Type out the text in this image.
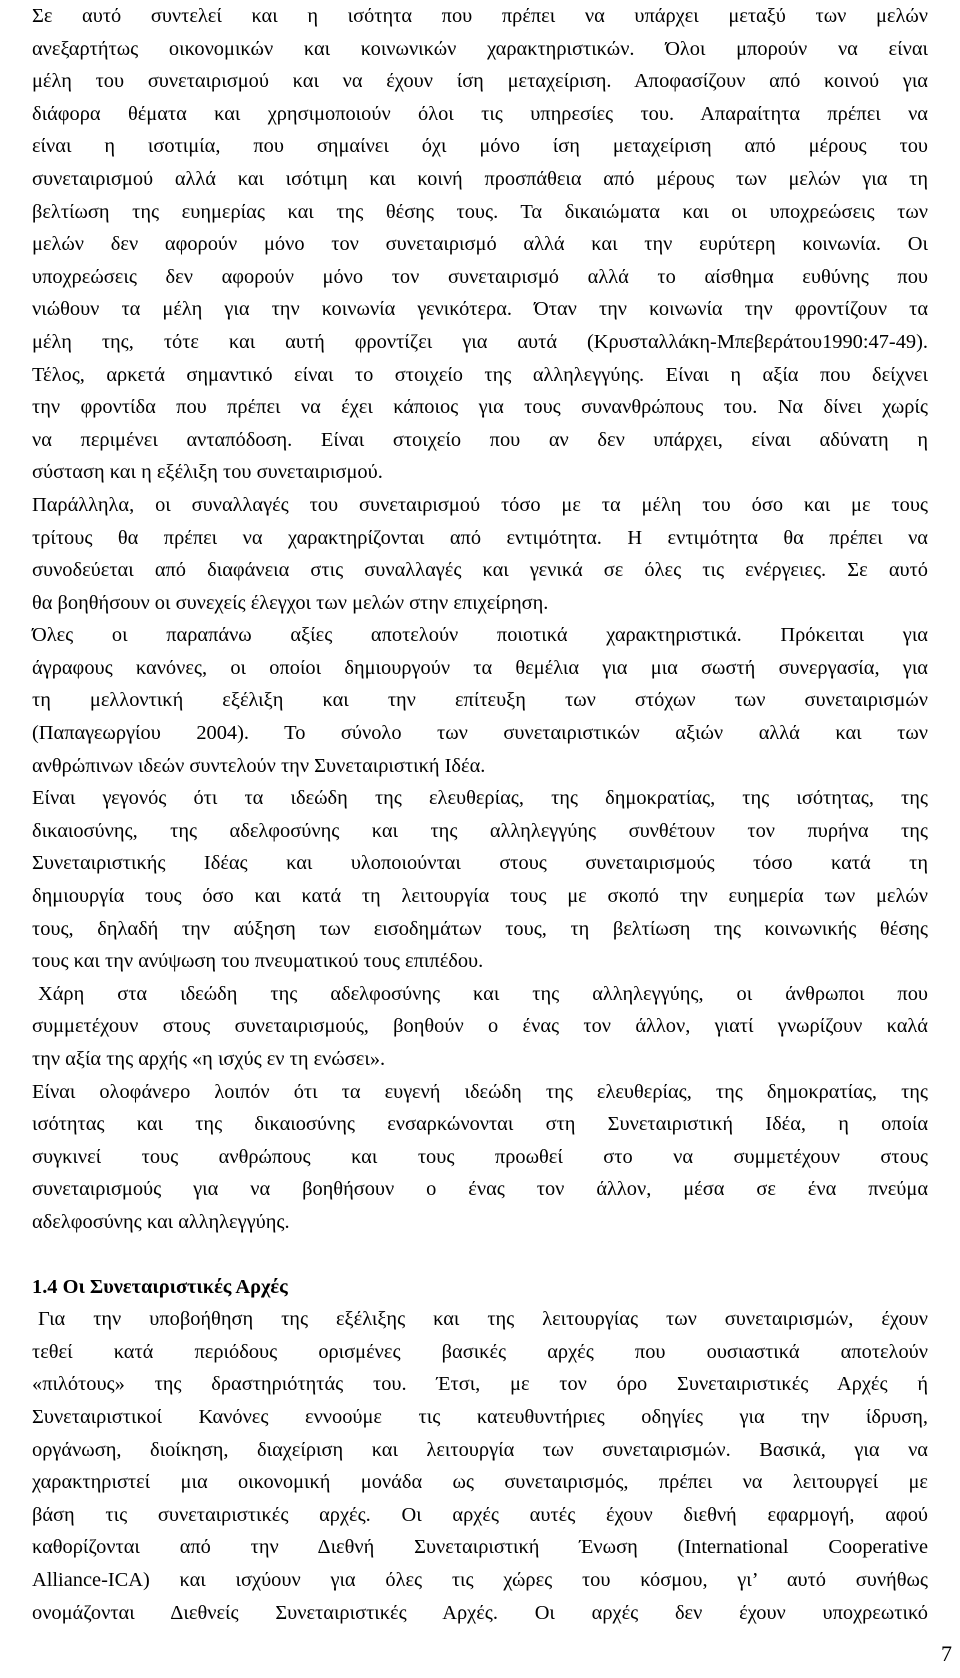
Σε αυτό συντελεί και η ισότητα που πρέπει να υπάρχει μεταξύ των μελών
ανεξαρτήτως οικονομικών και κοινωνικών χαρακτηριστικών. Όλοι μπορούν να είναι
μέλη του συνεταιρισμού και να έχουν ίση μεταχείριση. Αποφασίζουν από κοινού για
διάφορα θέματα και χρησιμοποιούν όλοι τις υπηρεσίες του. Απαραίτητα πρέπει να
είναι η ισοτιμία, που σημαίνει όχι μόνο ίση μεταχείριση από μέρους του
συνεταιρισμού αλλά και ισότιμη και κοινή προσπάθεια από μέρους των μελών για τη
βελτίωση της ευημερίας και της θέσης τους. Τα δικαιώματα και οι υποχρεώσεις των
μελών δεν αφορούν μόνο τον συνεταιρισμό αλλά και την ευρύτερη κοινωνία. Οι
υποχρεώσεις δεν αφορούν μόνο τον συνεταιρισμό αλλά το αίσθημα ευθύνης που
νιώθουν τα μέλη για την κοινωνία γενικότερα. Όταν την κοινωνία την φροντίζουν τα
μέλη της, τότε και αυτή φροντίζει για αυτά (Κρυσταλλάκη-Μπεβεράτου1990:47-49).
Τέλος, αρκετά σημαντικό είναι το στοιχείο της αλληλεγγύης. Είναι η αξία που δείχνει
την φροντίδα που πρέπει να έχει κάποιος για τους συνανθρώπους του. Να δίνει χωρίς
να περιμένει ανταπόδοση. Είναι στοιχείο που αν δεν υπάρχει, είναι αδύνατη η
σύσταση και η εξέλιξη του συνεταιρισμού.
Παράλληλα, οι συναλλαγές του συνεταιρισμού τόσο με τα μέλη του όσο και με τους
τρίτους θα πρέπει να χαρακτηρίζονται από εντιμότητα. Η εντιμότητα θα πρέπει να
συνοδεύεται από διαφάνεια στις συναλλαγές και γενικά σε όλες τις ενέργειες. Σε αυτό
θα βοηθήσουν οι συνεχείς έλεγχοι των μελών στην επιχείρηση.
Όλες οι παραπάνω αξίες αποτελούν ποιοτικά χαρακτηριστικά. Πρόκειται για
άγραφους κανόνες, οι οποίοι δημιουργούν τα θεμέλια για μια σωστή συνεργασία, για
τη μελλοντική εξέλιξη και την επίτευξη των στόχων των συνεταιρισμών
(Παπαγεωργίου 2004). Το σύνολο των συνεταιριστικών αξιών αλλά και των
ανθρώπινων ιδεών συντελούν την Συνεταιριστική Ιδέα.
Είναι γεγονός ότι τα ιδεώδη της ελευθερίας, της δημοκρατίας, της ισότητας, της
δικαιοσύνης, της αδελφοσύνης και της αλληλεγγύης συνθέτουν τον πυρήνα της
Συνεταιριστικής Ιδέας και υλοποιούνται στους συνεταιρισμούς τόσο κατά τη
δημιουργία τους όσο και κατά τη λειτουργία τους με σκοπό την ευημερία των μελών
τους, δηλαδή την αύξηση των εισοδημάτων τους, τη βελτίωση της κοινωνικής θέσης
τους και την ανύψωση του πνευματικού τους επιπέδου.
Χάρη στα ιδεώδη της αδελφοσύνης και της αλληλεγγύης, οι άνθρωποι που
συμμετέχουν στους συνεταιρισμούς, βοηθούν ο ένας τον άλλον, γιατί γνωρίζουν καλά
την αξία της αρχής «η ισχύς εν τη ενώσει».
Είναι ολοφάνερο λοιπόν ότι τα ευγενή ιδεώδη της ελευθερίας, της δημοκρατίας, της
ισότητας και της δικαιοσύνης ενσαρκώνονται στη Συνεταιριστική Ιδέα, η οποία
συγκινεί τους ανθρώπους και τους προωθεί στο να συμμετέχουν στους
συνεταιρισμούς για να βοηθήσουν ο ένας τον άλλον, μέσα σε ένα πνεύμα
αδελφοσύνης και αλληλεγγύης.
1.4 Οι Συνεταιριστικές Αρχές
Για την υποβοήθηση της εξέλιξης και της λειτουργίας των συνεταιρισμών, έχουν
τεθεί κατά περιόδους ορισμένες βασικές αρχές που ουσιαστικά αποτελούν
«πιλότους» της δραστηριότητάς του. Έτσι, με τον όρο Συνεταιριστικές Αρχές ή
Συνεταιριστικοί Κανόνες εννοούμε τις κατευθυντήριες οδηγίες για την ίδρυση,
οργάνωση, διοίκηση, διαχείριση και λειτουργία των συνεταιρισμών. Βασικά, για να
χαρακτηριστεί μια οικονομική μονάδα ως συνεταιρισμός, πρέπει να λειτουργεί με
βάση τις συνεταιριστικές αρχές. Οι αρχές αυτές έχουν διεθνή εφαρμογή, αφού
καθορίζονται από την Διεθνή Συνεταιριστική Ένωση (International Cooperative
Alliance-ICA) και ισχύουν για όλες τις χώρες του κόσμου, γι’ αυτό συνήθως
ονομάζονται Διεθνείς Συνεταιριστικές Αρχές. Οι αρχές δεν έχουν υποχρεωτικό
7
